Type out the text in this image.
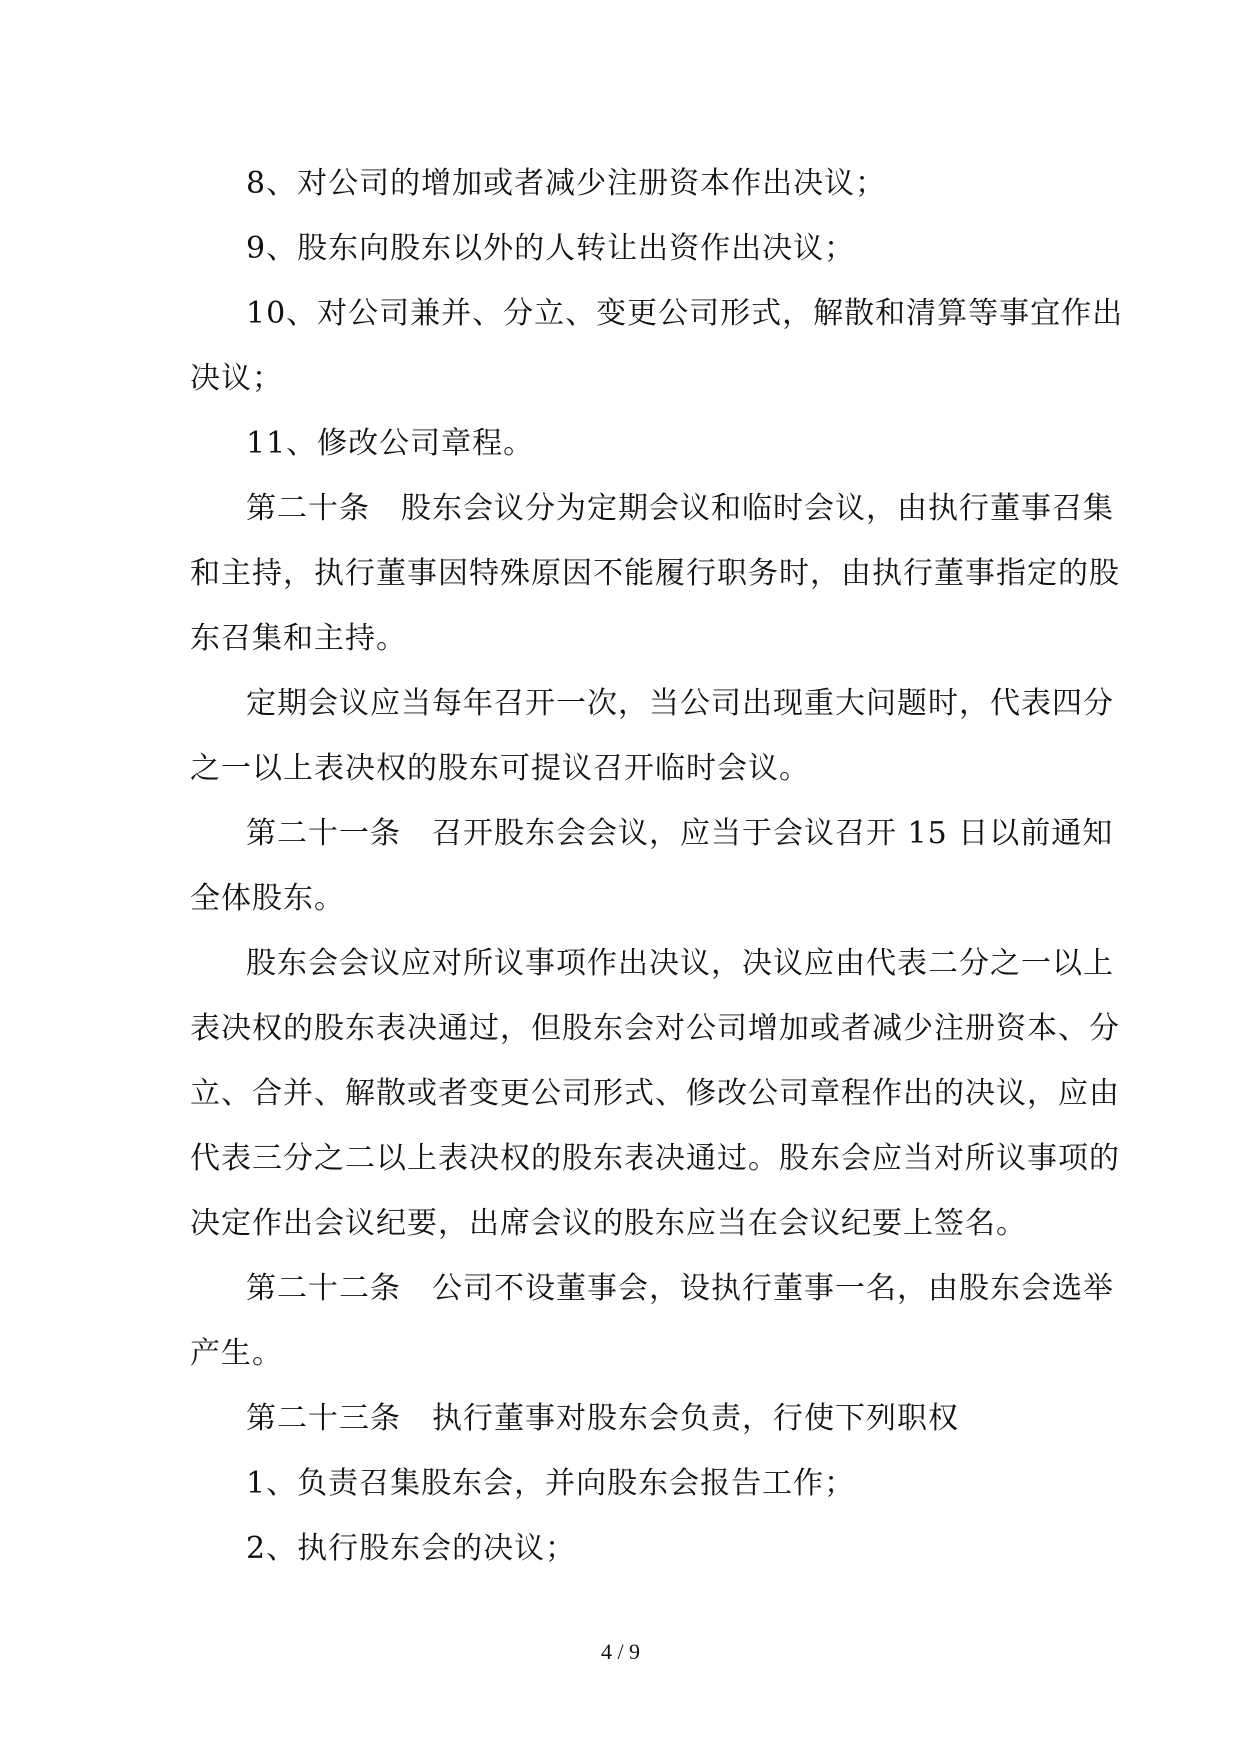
8、对公司的增加或者减少注册资本作出决议；
9、股东向股东以外的人转让出资作出决议；
10、对公司兼并、分立、变更公司形式，解散和清算等事宜作出
决议；
11、修改公司章程。
第二十条　股东会议分为定期会议和临时会议，由执行董事召集
和主持，执行董事因特殊原因不能履行职务时，由执行董事指定的股
东召集和主持。
定期会议应当每年召开一次，当公司出现重大问题时，代表四分
之一以上表决权的股东可提议召开临时会议。
第二十一条　召开股东会会议，应当于会议召开 15 日以前通知
全体股东。
股东会会议应对所议事项作出决议，决议应由代表二分之一以上
表决权的股东表决通过，但股东会对公司增加或者减少注册资本、分
立、合并、解散或者变更公司形式、修改公司章程作出的决议，应由
代表三分之二以上表决权的股东表决通过。股东会应当对所议事项的
决定作出会议纪要，出席会议的股东应当在会议纪要上签名。
第二十二条　公司不设董事会，设执行董事一名，由股东会选举
产生。
第二十三条　执行董事对股东会负责，行使下列职权
1、负责召集股东会，并向股东会报告工作；
2、执行股东会的决议；
4 / 9
